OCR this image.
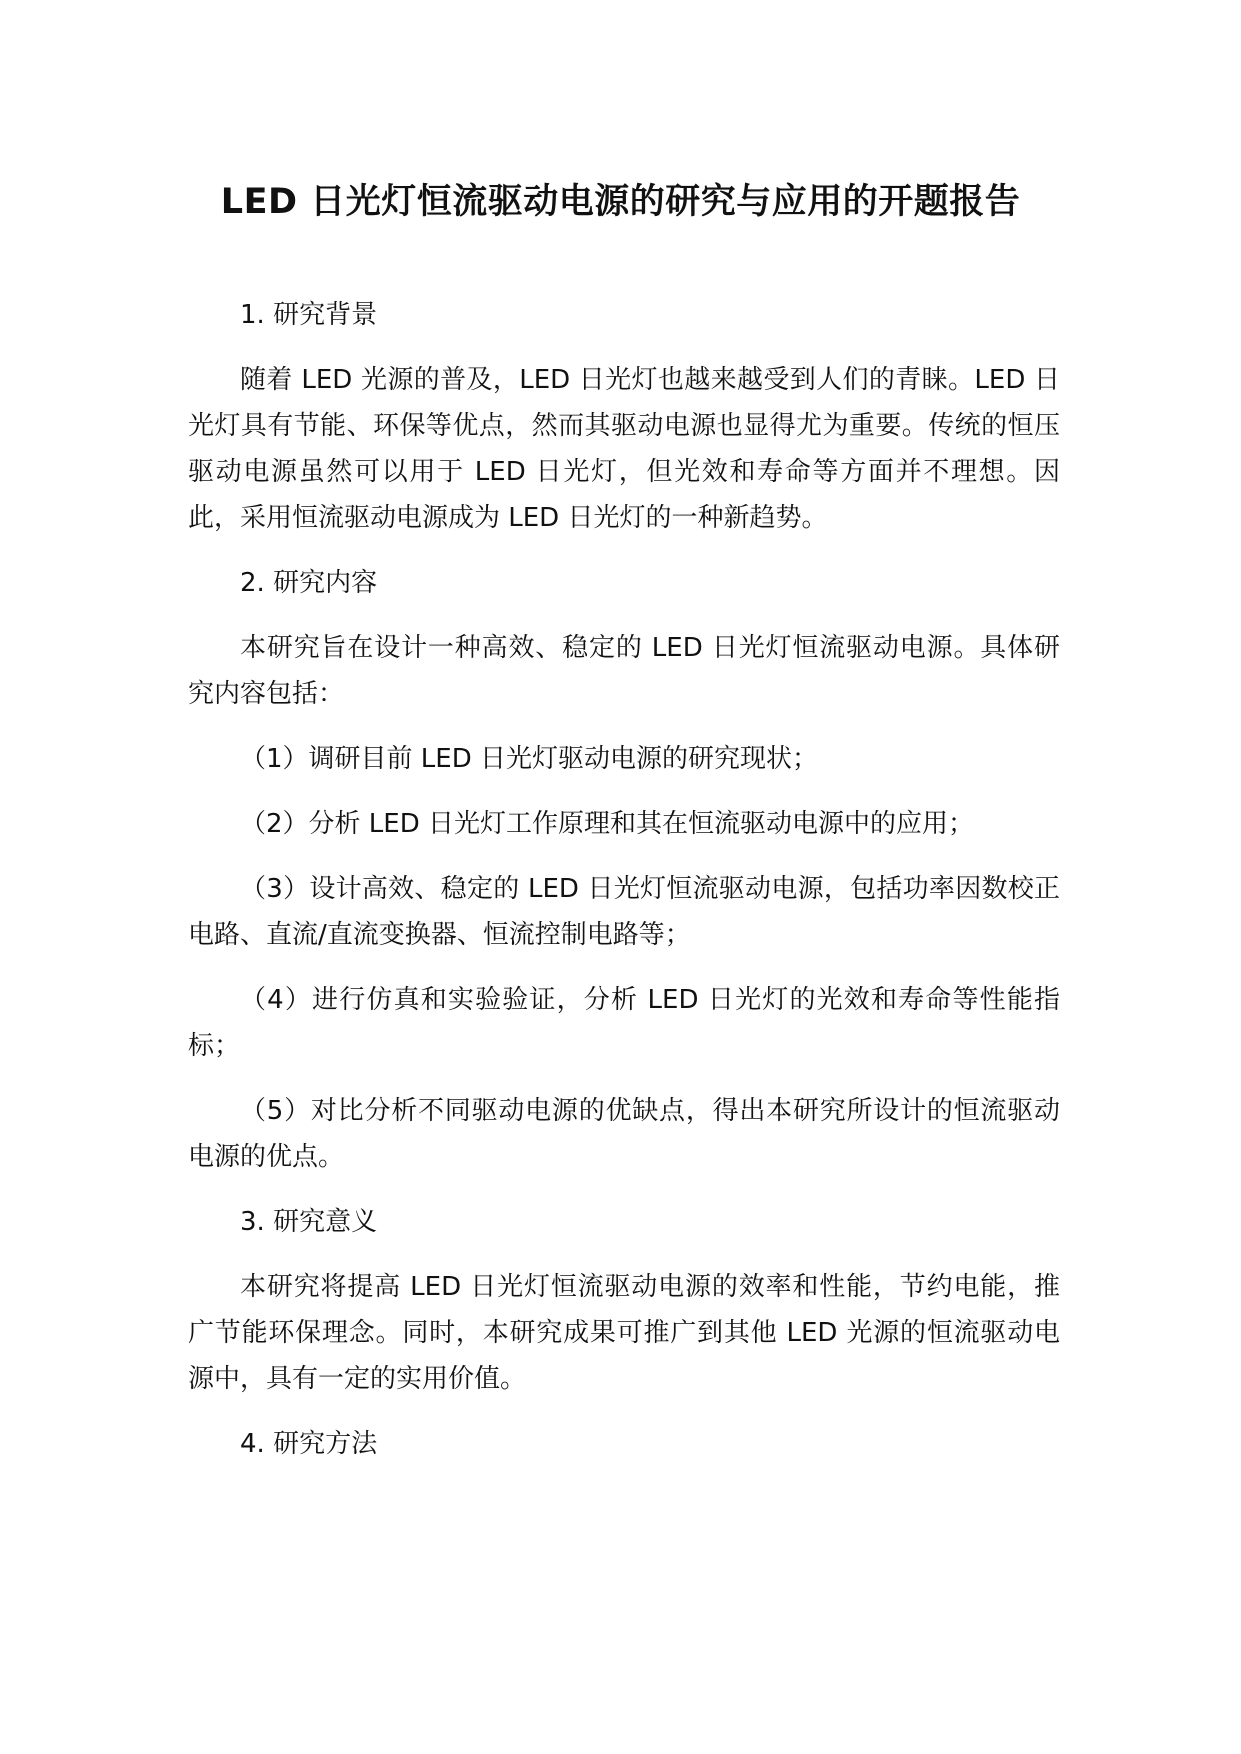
LED 日光灯恒流驱动电源的研究与应用的开题报告

1. 研究背景

随着 LED 光源的普及，LED 日光灯也越来越受到人们的青睐。LED 日光灯具有节能、环保等优点，然而其驱动电源也显得尤为重要。传统的恒压驱动电源虽然可以用于 LED 日光灯，但光效和寿命等方面并不理想。因此，采用恒流驱动电源成为 LED 日光灯的一种新趋势。

2. 研究内容

本研究旨在设计一种高效、稳定的 LED 日光灯恒流驱动电源。具体研究内容包括：

（1）调研目前 LED 日光灯驱动电源的研究现状；

（2）分析 LED 日光灯工作原理和其在恒流驱动电源中的应用；

（3）设计高效、稳定的 LED 日光灯恒流驱动电源，包括功率因数校正电路、直流/直流变换器、恒流控制电路等；

（4）进行仿真和实验验证，分析 LED 日光灯的光效和寿命等性能指标；

（5）对比分析不同驱动电源的优缺点，得出本研究所设计的恒流驱动电源的优点。

3. 研究意义

本研究将提高 LED 日光灯恒流驱动电源的效率和性能，节约电能，推广节能环保理念。同时，本研究成果可推广到其他 LED 光源的恒流驱动电源中，具有一定的实用价值。

4. 研究方法
